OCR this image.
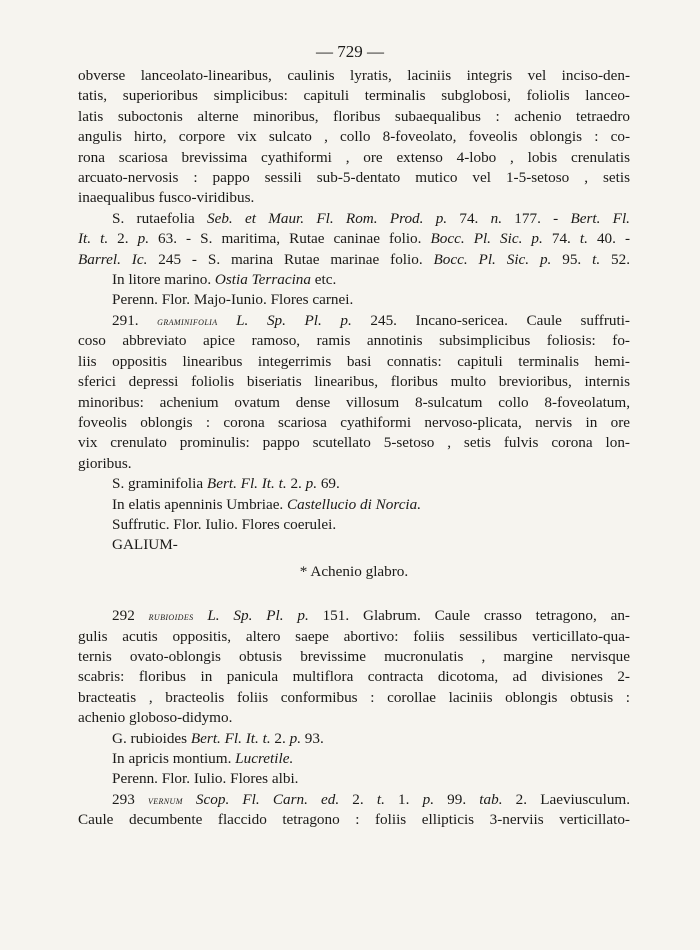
— 729 —
obverse lanceolato-linearibus, caulinis lyratis, laciniis integris vel inciso-den-
tatis, superioribus simplicibus: capituli terminalis subglobosi, foliolis lanceo-
latis suboctonis alterne minoribus, floribus subaequalibus : achenio tetraedro
angulis hirto, corpore vix sulcato , collo 8-foveolato, foveolis oblongis : co-
rona scariosa brevissima cyathiformi , ore extenso 4-lobo , lobis crenulatis
arcuato-nervosis : pappo sessili sub-5-dentato mutico vel 1-5-setoso , setis
inaequalibus fusco-viridibus.
S. rutaefolia Seb. et Maur. Fl. Rom. Prod. p. 74. n. 177. - Bert. Fl.
It. t. 2. p. 63. - S. maritima, Rutae caninae folio. Bocc. Pl. Sic. p. 74. t. 40. -
Barrel. Ic. 245 - S. marina Rutae marinae folio. Bocc. Pl. Sic. p. 95. t. 52.
In litore marino. Ostia Terracina etc.
Perenn. Flor. Majo-Iunio. Flores carnei.
291. graminifolia L. Sp. Pl. p. 245. Incano-sericea. Caule suffruti-
coso abbreviato apice ramoso, ramis annotinis subsimplicibus foliosis: fo-
liis oppositis linearibus integerrimis basi connatis: capituli terminalis hemi-
sferici depressi foliolis biseriatis linearibus, floribus multo brevioribus, internis
minoribus: achenium ovatum dense villosum 8-sulcatum collo 8-foveolatum,
foveolis oblongis : corona scariosa cyathiformi nervoso-plicata, nervis in ore
vix crenulato prominulis: pappo scutellato 5-setoso , setis fulvis corona lon-
gioribus.
S. graminifolia Bert. Fl. It. t. 2. p. 69.
In elatis apenninis Umbriae. Castellucio di Norcia.
Suffrutic. Flor. Iulio. Flores coerulei.
GALIUM-
* Achenio glabro.
292 rubioides L. Sp. Pl. p. 151. Glabrum. Caule crasso tetragono, an-
gulis acutis oppositis, altero saepe abortivo: foliis sessilibus verticillato-qua-
ternis ovato-oblongis obtusis brevissime mucronulatis , margine nervisque
scabris: floribus in panicula multiflora contracta dicotoma, ad divisiones 2-
bracteatis , bracteolis foliis conformibus : corollae laciniis oblongis obtusis :
achenio globoso-didymo.
G. rubioides Bert. Fl. It. t. 2. p. 93.
In apricis montium. Lucretile.
Perenn. Flor. Iulio. Flores albi.
293 vernum Scop. Fl. Carn. ed. 2. t. 1. p. 99. tab. 2. Laeviusculum.
Caule decumbente flaccido tetragono : foliis ellipticis 3-nerviis verticillato-
